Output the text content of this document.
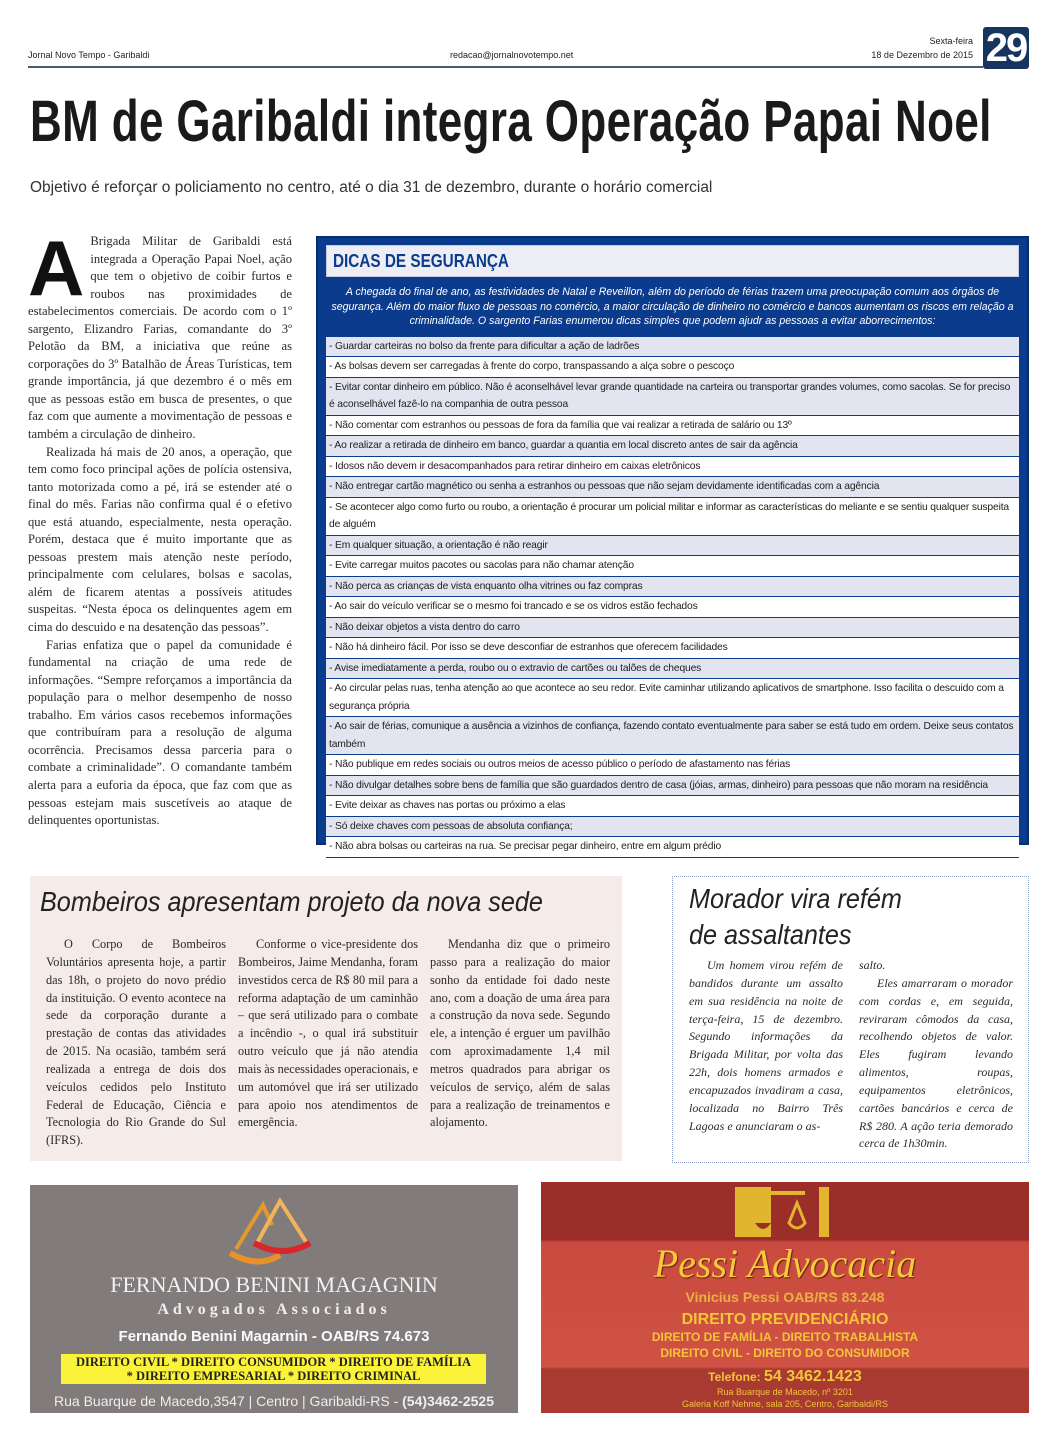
Jornal Novo Tempo - Garibaldi	redacao@jornalnovotempo.net
Sexta-feira
18 de Dezembro de 2015 29
BM de Garibaldi integra Operação Papai Noel
Objetivo é reforçar o policiamento no centro, até o dia 31 de dezembro, durante o horário comercial
A Brigada Militar de Garibaldi está integrada a Operação Papai Noel, ação que tem o objetivo de coibir furtos e roubos nas proximidades de estabelecimentos comerciais. De acordo com o 1º sargento, Elizandro Farias, comandante do 3º Pelotão da BM, a iniciativa que reúne as corporações do 3º Batalhão de Áreas Turísticas, tem grande importância, já que dezembro é o mês em que as pessoas estão em busca de presentes, o que faz com que aumente a movimentação de pessoas e também a circulação de dinheiro.

Realizada há mais de 20 anos, a operação, que tem como foco principal ações de polícia ostensiva, tanto motorizada como a pé, irá se estender até o final do mês. Farias não confirma qual é o efetivo que está atuando, especialmente, nesta operação. Porém, destaca que é muito importante que as pessoas prestem mais atenção neste período, principalmente com celulares, bolsas e sacolas, além de ficarem atentas a possíveis atitudes suspeitas. “Nesta época os delinquentes agem em cima do descuido e na desatenção das pessoas”.

Farias enfatiza que o papel da comunidade é fundamental na criação de uma rede de informações. “Sempre reforçamos a importância da população para o melhor desempenho de nosso trabalho. Em vários casos recebemos informações que contribuíram para a resolução de alguma ocorrência. Precisamos dessa parceria para o combate a criminalidade”. O comandante também alerta para a euforia da época, que faz com que as pessoas estejam mais suscetíveis ao ataque de delinquentes oportunistas.

DICAS DE SEGURANÇA
A chegada do final de ano, as festividades de Natal e Reveillon, além do período de férias trazem uma preocupação comum aos órgãos de segurança. Além do maior fluxo de pessoas no comércio, a maior circulação de dinheiro no comércio e bancos aumentam os riscos em relação a criminalidade. O sargento Farias enumerou dicas simples que podem ajudr as pessoas a evitar aborrecimentos:
- Guardar carteiras no bolso da frente para dificultar a ação de ladrões
- As bolsas devem ser carregadas à frente do corpo, transpassando a alça sobre o pescoço
- Evitar contar dinheiro em público. Não é aconselhável levar grande quantidade na carteira ou transportar grandes volumes, como sacolas. Se for preciso é aconselhável fazê-lo na companhia de outra pessoa
- Não comentar com estranhos ou pessoas de fora da família que vai realizar a retirada de salário ou 13º
- Ao realizar a retirada de dinheiro em banco, guardar a quantia em local discreto antes de sair da agência
- Idosos não devem ir desacompanhados para retirar dinheiro em caixas eletrônicos
- Não entregar cartão magnético ou senha a estranhos ou pessoas que não sejam devidamente identificadas com a agência
- Se acontecer algo como furto ou roubo, a orientação é procurar um policial militar e informar as características do meliante e se sentiu qualquer suspeita de alguém
- Em qualquer situação, a orientação é não reagir
- Evite carregar muitos pacotes ou sacolas para não chamar atenção
- Não perca as crianças de vista enquanto olha vitrines ou faz compras
- Ao sair do veículo verificar se o mesmo foi trancado e se os vidros estão fechados
- Não deixar objetos a vista dentro do carro
- Não há dinheiro fácil. Por isso se deve desconfiar de estranhos que oferecem facilidades
- Avise imediatamente a perda, roubo ou o extravio de cartões ou talões de cheques
- Ao circular pelas ruas, tenha atenção ao que acontece ao seu redor. Evite caminhar utilizando aplicativos de smartphone. Isso facilita o descuido com a segurança própria
- Ao sair de férias, comunique a ausência a vizinhos de confiança, fazendo contato eventualmente para saber se está tudo em ordem. Deixe seus contatos também
- Não publique em redes sociais ou outros meios de acesso público o período de afastamento nas férias
- Não divulgar detalhes sobre bens de família que são guardados dentro de casa (jóias, armas, dinheiro) para pessoas que não moram na residência
- Evite deixar as chaves nas portas ou próximo a elas
- Só deixe chaves com pessoas de absoluta confiança;
- Não abra bolsas ou carteiras na rua. Se precisar pegar dinheiro, entre em algum prédio
Bombeiros apresentam projeto da nova sede

O Corpo de Bombeiros Voluntários apresenta hoje, a partir das 18h, o projeto do novo prédio da instituição. O evento acontece na sede da corporação durante a prestação de contas das atividades de 2015. Na ocasião, também será realizada a entrega de dois dos veículos cedidos pelo Instituto Federal de Educação, Ciência e Tecnologia do Rio Grande do Sul (IFRS).

Conforme o vice-presidente dos Bombeiros, Jaime Mendanha, foram investidos cerca de R$ 80 mil para a reforma adaptação de um caminhão – que será utilizado para o combate a incêndio -, o qual irá substituir outro veículo que já não atendia mais às necessidades operacionais, e um automóvel que irá ser utilizado para apoio nos atendimentos de emergência.

Mendanha diz que o primeiro passo para a realização do maior sonho da entidade foi dado neste ano, com a doação de uma área para a construção da nova sede. Segundo ele, a intenção é erguer um pavilhão com aproximadamente 1,4 mil metros quadrados para abrigar os veículos de serviço, além de salas para a realização de treinamentos e alojamento.

Morador vira refém
de assaltantes

Um homem virou refém de bandidos durante um assalto em sua residência na noite de terça-feira, 15 de dezembro. Segundo informações da Brigada Militar, por volta das 22h, dois homens armados e encapuzados invadiram a casa, localizada no Bairro Três Lagoas e anunciaram o as-

salto.

Eles amarraram o morador com cordas e, em seguida, reviraram cômodos da casa, recolhendo objetos de valor. Eles fugiram levando alimentos, roupas, equipamentos eletrônicos, cartões bancários e cerca de R$ 280. A ação teria demorado cerca de 1h30min.

FERNANDO BENINI MAGAGNIN
Advogados Associados
Fernando Benini Magarnin - OAB/RS 74.673
DIREITO CIVIL * DIREITO CONSUMIDOR * DIREITO DE FAMÍLIA
* DIREITO EMPRESARIAL * DIREITO CRIMINAL
Rua Buarque de Macedo,3547 | Centro | Garibaldi-RS - (54)3462-2525
Pessi Advocacia
Vinicius Pessi OAB/RS 83.248
DIREITO PREVIDENCIÁRIO
DIREITO DE FAMÍLIA - DIREITO TRABALHISTA
DIREITO CIVIL - DIREITO DO CONSUMIDOR
Telefone: 54 3462.1423
Rua Buarque de Macedo, nº 3201
Galeria Koff Nehme, sala 205, Centro, Garibaldi/RS
